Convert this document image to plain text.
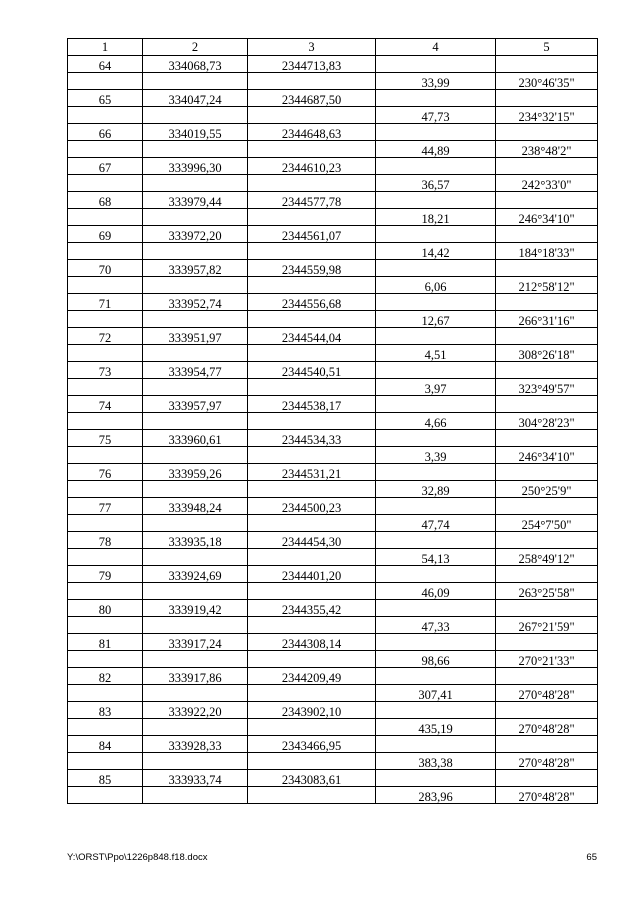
1	2	3	4	5
64	334068,73	2344713,83		
			33,99	230°46'35"
65	334047,24	2344687,50		
			47,73	234°32'15"
66	334019,55	2344648,63		
			44,89	238°48'2"
67	333996,30	2344610,23		
			36,57	242°33'0"
68	333979,44	2344577,78		
			18,21	246°34'10"
69	333972,20	2344561,07		
			14,42	184°18'33"
70	333957,82	2344559,98		
			6,06	212°58'12"
71	333952,74	2344556,68		
			12,67	266°31'16"
72	333951,97	2344544,04		
			4,51	308°26'18"
73	333954,77	2344540,51		
			3,97	323°49'57"
74	333957,97	2344538,17		
			4,66	304°28'23"
75	333960,61	2344534,33		
			3,39	246°34'10"
76	333959,26	2344531,21		
			32,89	250°25'9"
77	333948,24	2344500,23		
			47,74	254°7'50"
78	333935,18	2344454,30		
			54,13	258°49'12"
79	333924,69	2344401,20		
			46,09	263°25'58"
80	333919,42	2344355,42		
			47,33	267°21'59"
81	333917,24	2344308,14		
			98,66	270°21'33"
82	333917,86	2344209,49		
			307,41	270°48'28"
83	333922,20	2343902,10		
			435,19	270°48'28"
84	333928,33	2343466,95		
			383,38	270°48'28"
85	333933,74	2343083,61		
			283,96	270°48'28"
Y:\ORST\Ppo\1226p848.f18.docx	65
